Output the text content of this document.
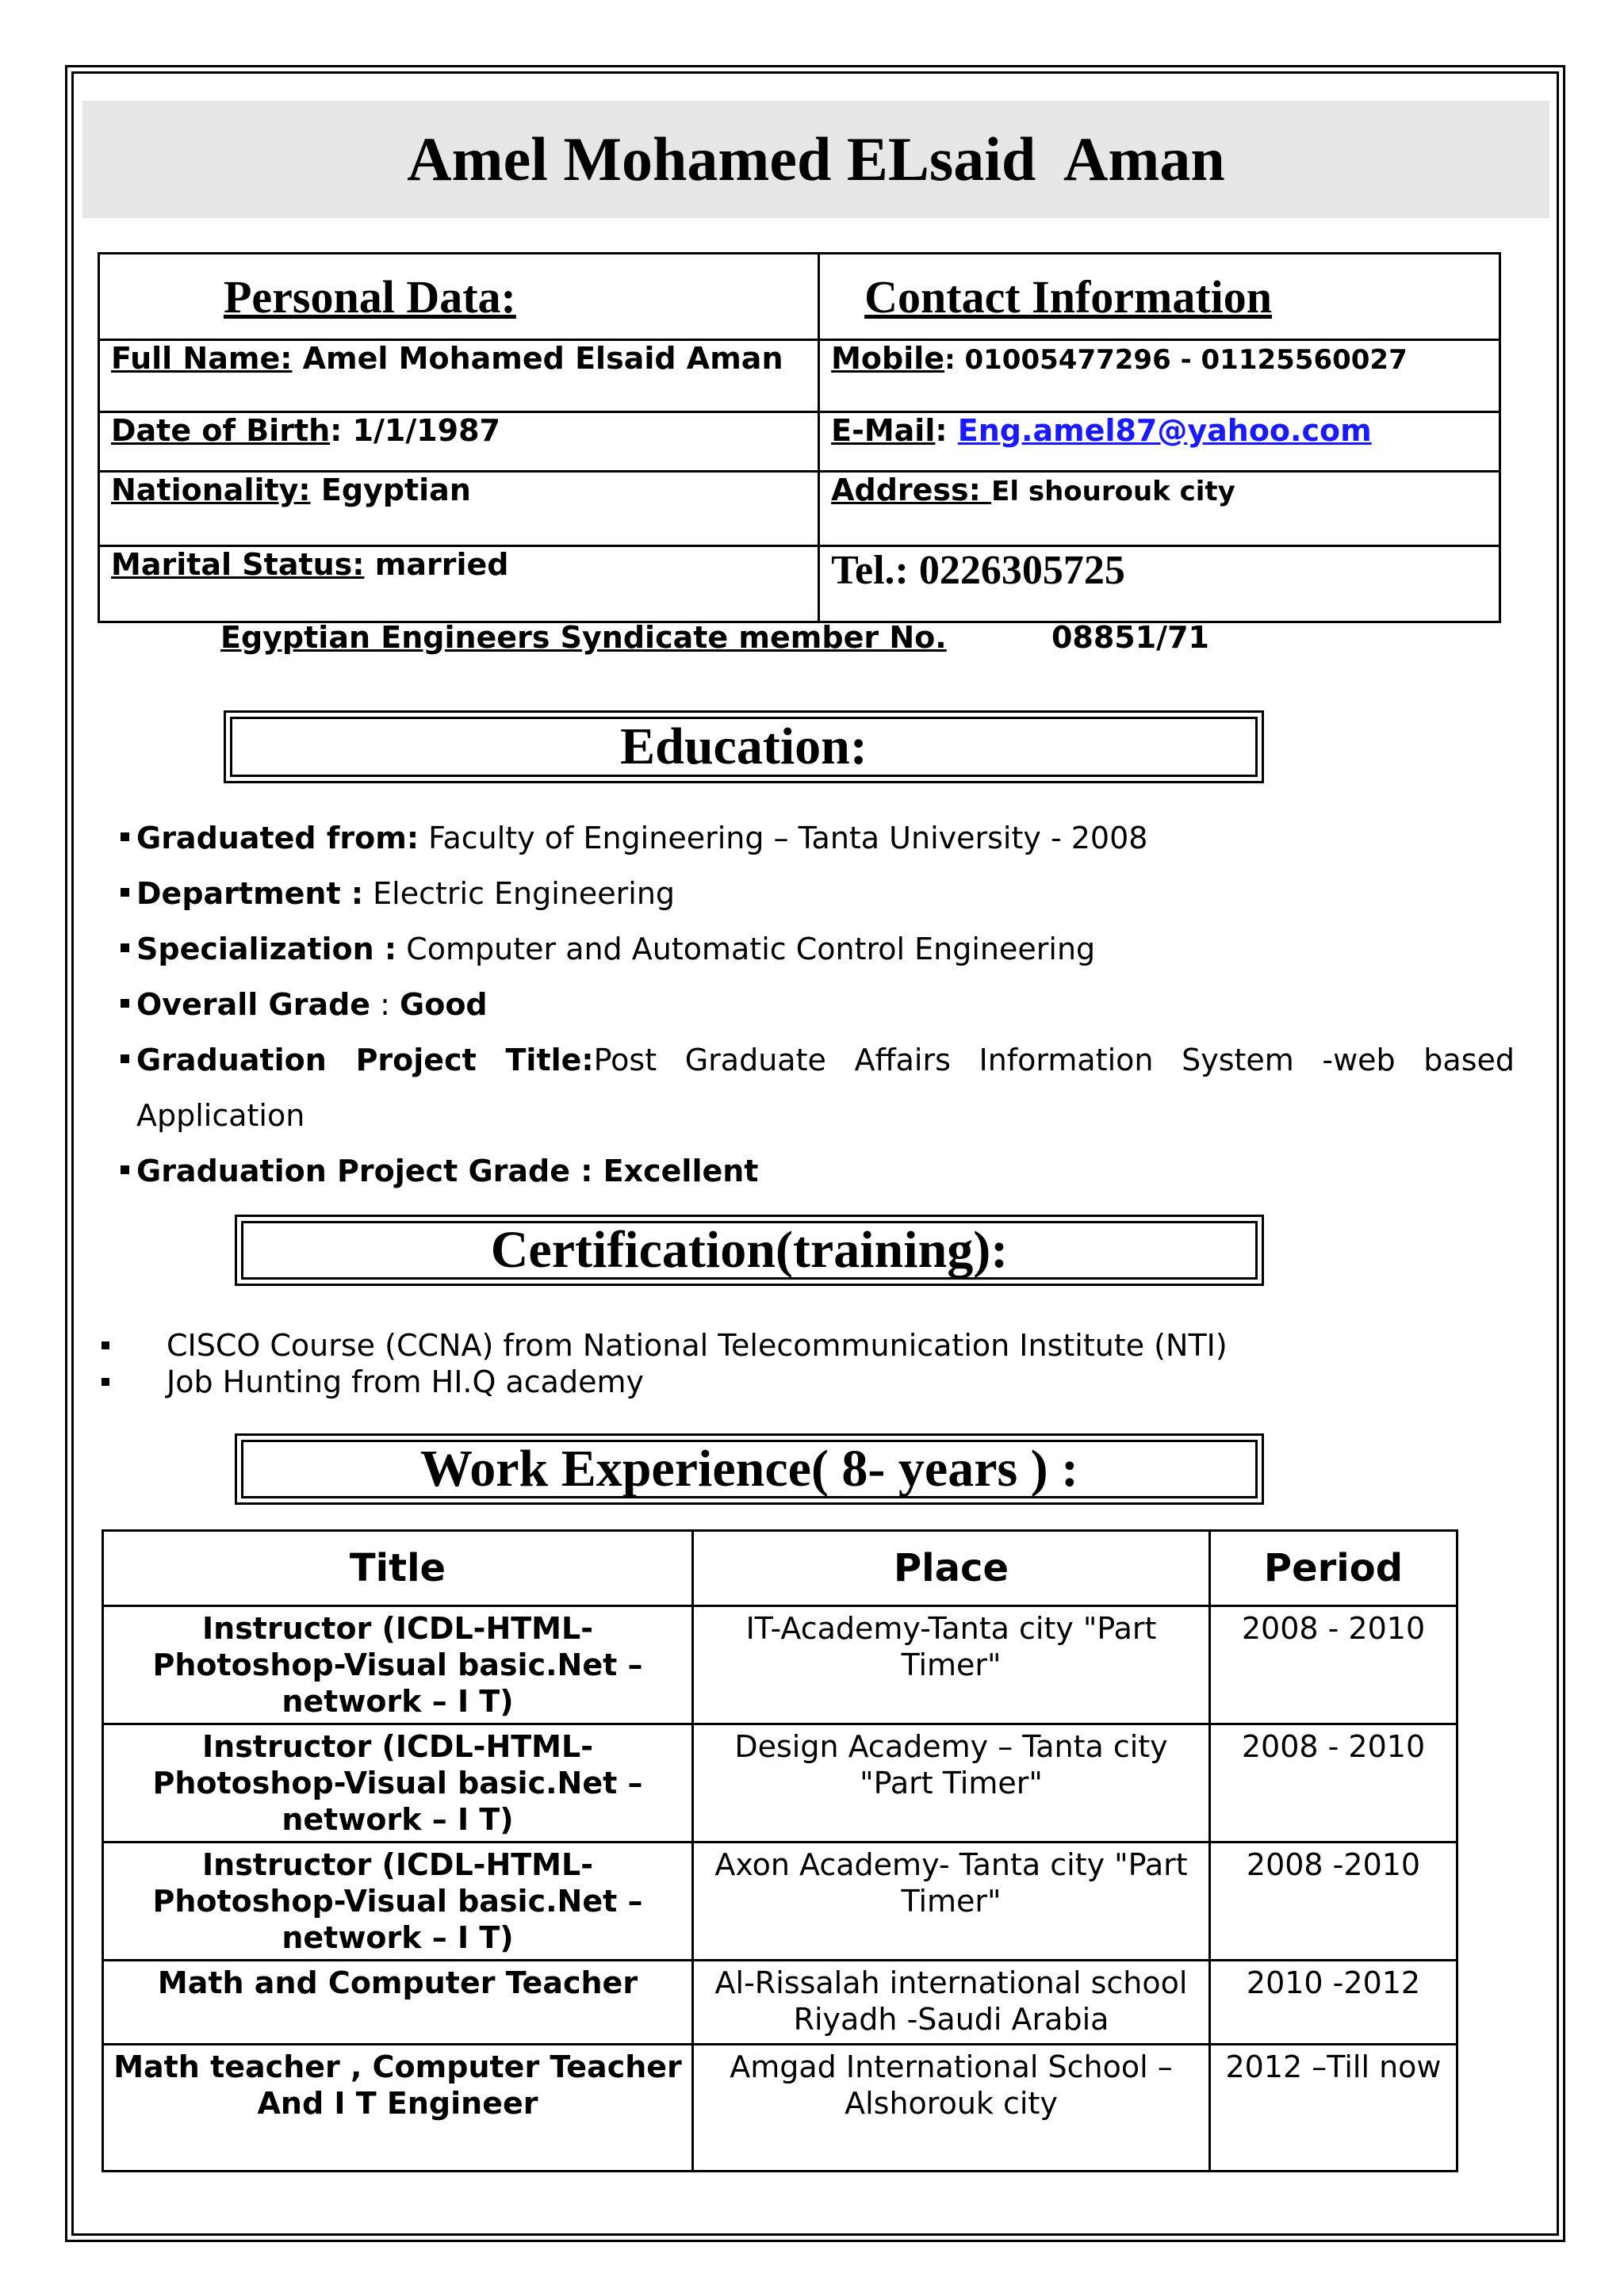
Amel Mohamed ELsaid  Aman
Personal Data:	Contact Information
Full Name: Amel Mohamed Elsaid Aman	Mobile: 01005477296 - 01125560027
Date of Birth: 1/1/1987	E-Mail: Eng.amel87@yahoo.com
Nationality: Egyptian	Address: El shourouk city
Marital Status: married	Tel.: 0226305725
Egyptian Engineers Syndicate member No.	08851/71
Education:
Graduated from: Faculty of Engineering – Tanta University - 2008
Department : Electric Engineering
Specialization : Computer and Automatic Control Engineering
Overall Grade : Good
Graduation Project Title:Post Graduate Affairs Information System -web based
Application
Graduation Project Grade : Excellent
Certification(training):
CISCO Course (CCNA) from National Telecommunication Institute (NTI)
Job Hunting from HI.Q academy
Work Experience( 8- years ) :
Title	Place	Period
Instructor (ICDL-HTML-Photoshop-Visual basic.Net – network – I T)	IT-Academy-Tanta city "Part Timer"	2008 - 2010
Instructor (ICDL-HTML-Photoshop-Visual basic.Net – network – I T)	Design Academy – Tanta city "Part Timer"	2008 - 2010
Instructor (ICDL-HTML-Photoshop-Visual basic.Net – network – I T)	Axon Academy- Tanta city "Part Timer"	2008 -2010
Math and Computer Teacher	Al-Rissalah international school Riyadh -Saudi Arabia	2010 -2012
Math teacher , Computer Teacher And I T Engineer	Amgad International School – Alshorouk city	2012 –Till now
